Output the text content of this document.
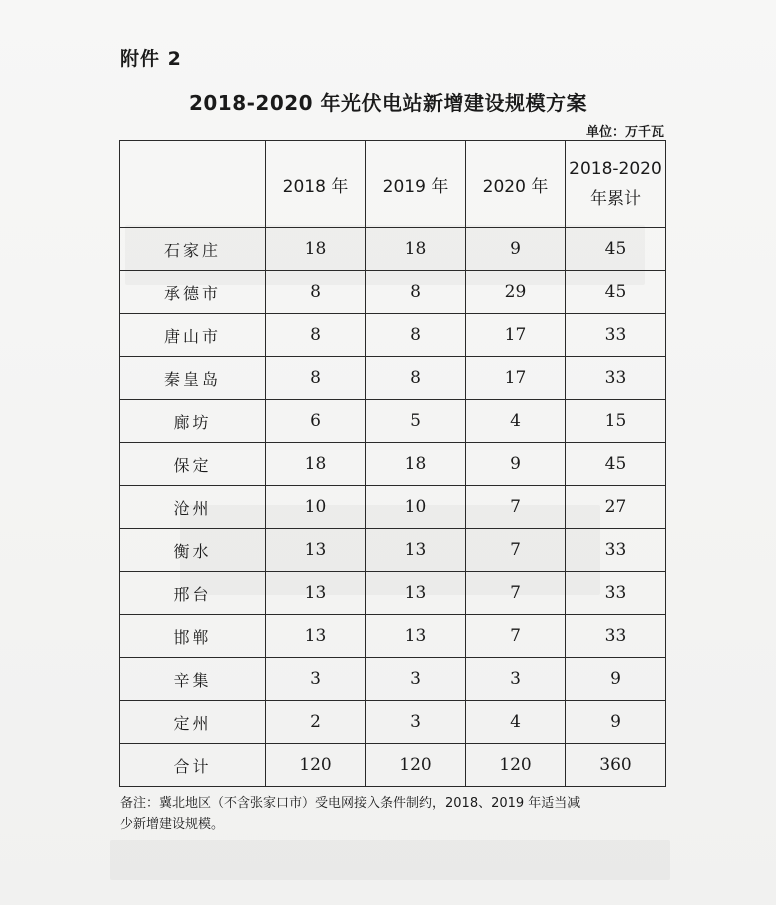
附件 2
2018-2020 年光伏电站新增建设规模方案
单位：万千瓦
	2018 年	2019 年	2020 年	2018-2020
年累计

石家庄	18	18	9	45
承德市	8	8	29	45
唐山市	8	8	17	33
秦皇岛	8	8	17	33
廊坊	6	5	4	15
保定	18	18	9	45
沧州	10	10	7	27
衡水	13	13	7	33
邢台	13	13	7	33
邯郸	13	13	7	33
辛集	3	3	3	9
定州	2	3	4	9
合计	120	120	120	360
备注：冀北地区（不含张家口市）受电网接入条件制约，2018、2019 年适当减
少新增建设规模。
